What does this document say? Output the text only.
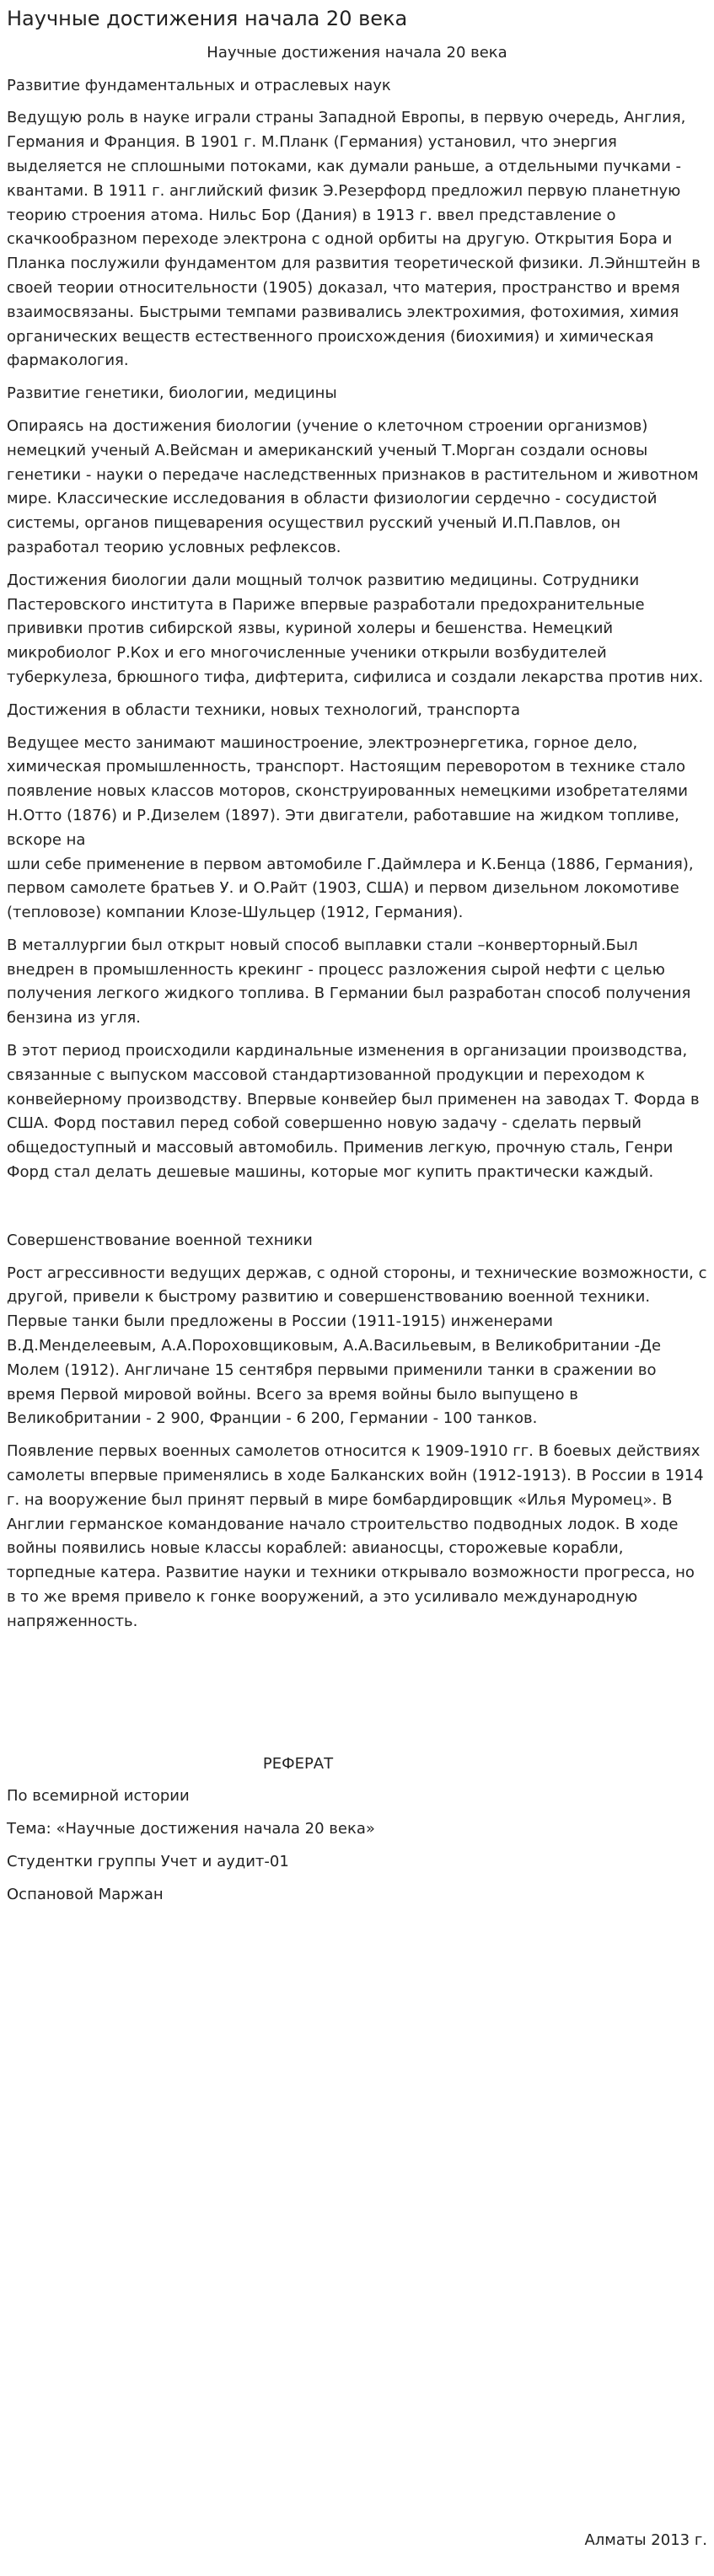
Научные достижения начала 20 века
Научные достижения начала 20 века
Развитие фундаментальных и отраслевых наук

Ведущую роль в науке играли страны Западной Европы, в первую очередь, Англия, Германия и Франция. В 1901 г. М.Планк (Германия) установил, что энергия выделяется не сплошными потоками, как думали раньше, а отдельными пучками - квантами. В 1911 г. английский физик Э.Резерфорд предложил первую планетную теорию строения атома. Нильс Бор (Дания) в 1913 г. ввел представление о скачкообразном переходе электрона с одной орбиты на другую. Открытия Бора и Планка послужили фундаментом для развития теоретической физики. Л.Эйнштейн в своей теории относительности (1905) доказал, что материя, пространство и время взаимосвязаны. Быстрыми темпами развивались электрохимия, фотохимия, химия органических веществ естественного происхождения (биохимия) и химическая фармакология.

Развитие генетики, биологии, медицины

Опираясь на достижения биологии (учение о клеточном строении организмов) немецкий ученый А.Вейсман и американский ученый Т.Морган создали основы генетики - науки о передаче наследственных признаков в растительном и животном мире. Классические исследования в области физиологии сердечно - сосудистой системы, органов пищеварения осуществил русский ученый И.П.Павлов, он разработал теорию условных рефлексов.

Достижения биологии дали мощный толчок развитию медицины. Сотрудники Пастеровского института в Париже впервые разработали предохранительные прививки против сибирской язвы, куриной холеры и бешенства. Немецкий микробиолог Р.Кох и его многочисленные ученики открыли возбудителей туберкулеза, брюшного тифа, дифтерита, сифилиса и создали лекарства против них.

Достижения в области техники, новых технологий, транспорта

Ведущее место занимают машиностроение, электроэнергетика, горное дело, химическая промышленность, транспорт. Настоящим переворотом в технике стало появление новых классов моторов, сконструированных немецкими изобретателями Н.Отто (1876) и Р.Дизелем (1897). Эти двигатели, работавшие на жидком топливе, вскоре на
шли себе применение в первом автомобиле Г.Даймлера и К.Бенца (1886, Германия), первом самолете братьев У. и О.Райт (1903, США) и первом дизельном локомотиве (тепловозе) компании Клозе-Шульцер (1912, Германия).

В металлургии был открыт новый способ выплавки стали –конверторный.Был внедрен в промышленность крекинг - процесс разложения сырой нефти с целью получения легкого жидкого топлива. В Германии был разработан способ получения бензина из угля.

В этот период происходили кардинальные изменения в организации производства, связанные с выпуском массовой стандартизованной продукции и переходом к конвейерному производству. Впервые конвейер был применен на заводах Т. Форда в США. Форд поставил перед собой совершенно новую задачу - сделать первый общедоступный и массовый автомобиль. Применив легкую, прочную сталь, Генри Форд стал делать дешевые машины, которые мог купить практически каждый.

Совершенствование военной техники

Рост агрессивности ведущих держав, с одной стороны, и технические возможности, с другой, привели к быстрому развитию и совершенствованию военной техники. Первые танки были предложены в России (1911-1915) инженерами В.Д.Менделеевым, А.А.Пороховщиковым, А.А.Васильевым, в Великобритании -Де Молем (1912). Англичане 15 сентября первыми применили танки в сражении во время Первой мировой войны. Всего за время войны было выпущено в Великобритании - 2 900, Франции - 6 200, Германии - 100 танков.

Появление первых военных самолетов относится к 1909-1910 гг. В боевых действиях самолеты впервые применялись в ходе Балканских войн (1912-1913). В России в 1914 г. на вооружение был принят первый в мире бомбардировщик «Илья Муромец». В Англии германское командование начало строительство подводных лодок. В ходе войны появились новые классы кораблей: авианосцы, сторожевые корабли, торпедные катера. Развитие науки и техники открывало возможности прогресса, но в то же время привело к гонке вооружений, а это усиливало международную напряженность.

РЕФЕРАТ

По всемирной истории

Тема: «Научные достижения начала 20 века»

Студентки группы Учет и аудит-01

Оспановой Маржан

Алматы 2013 г.
